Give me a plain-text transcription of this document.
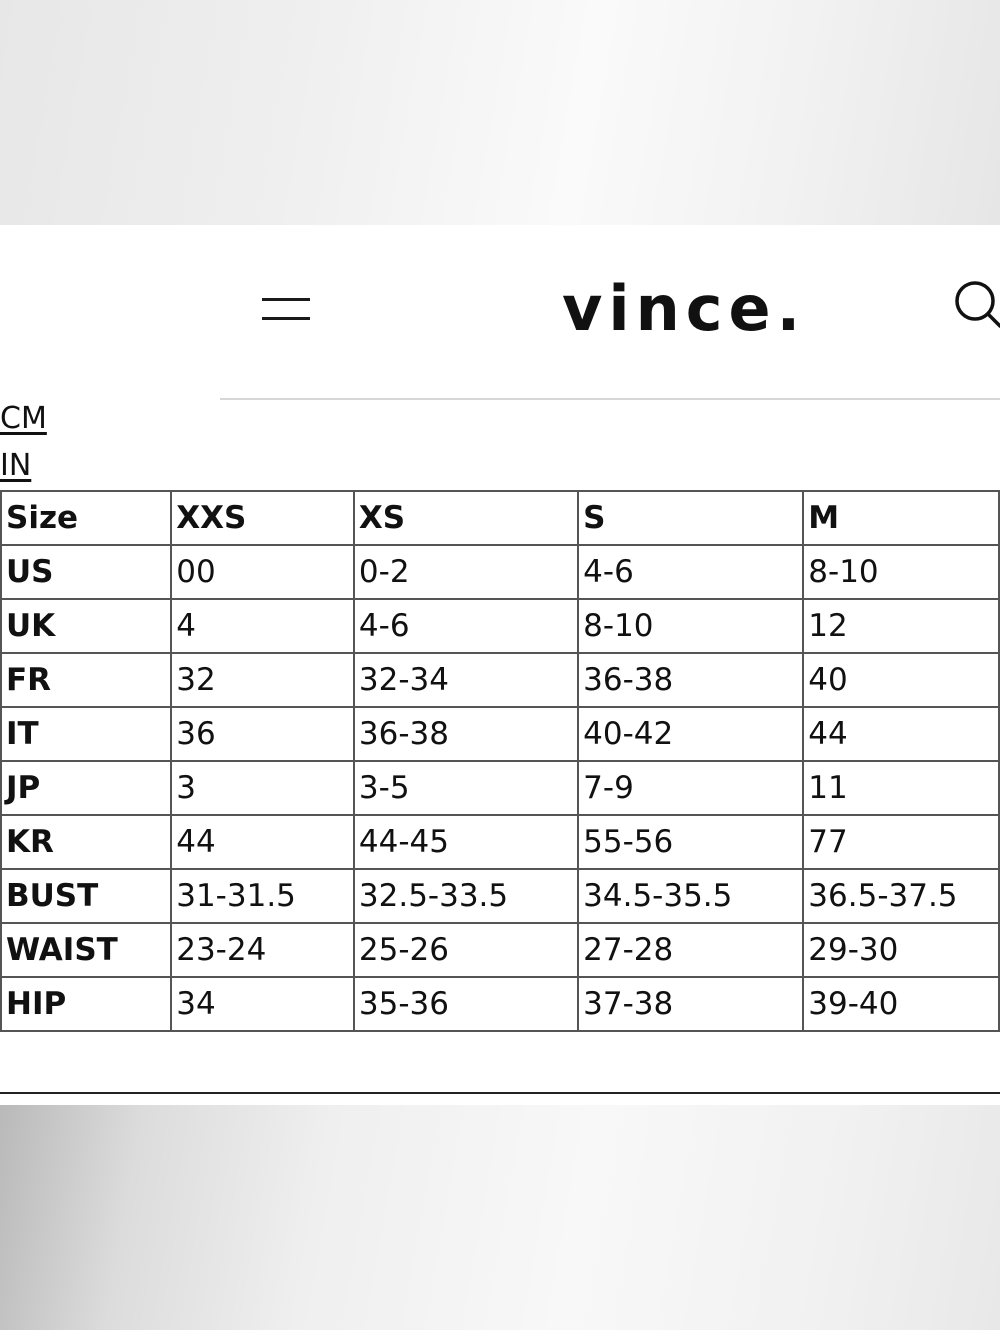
vince.
CM
IN
Size	XXS	XS	S	M
US	00	0-2	4-6	8-10
UK	4	4-6	8-10	12
FR	32	32-34	36-38	40
IT	36	36-38	40-42	44
JP	3	3-5	7-9	11
KR	44	44-45	55-56	77
BUST	31-31.5	32.5-33.5	34.5-35.5	36.5-37.5
WAIST	23-24	25-26	27-28	29-30
HIP	34	35-36	37-38	39-40
